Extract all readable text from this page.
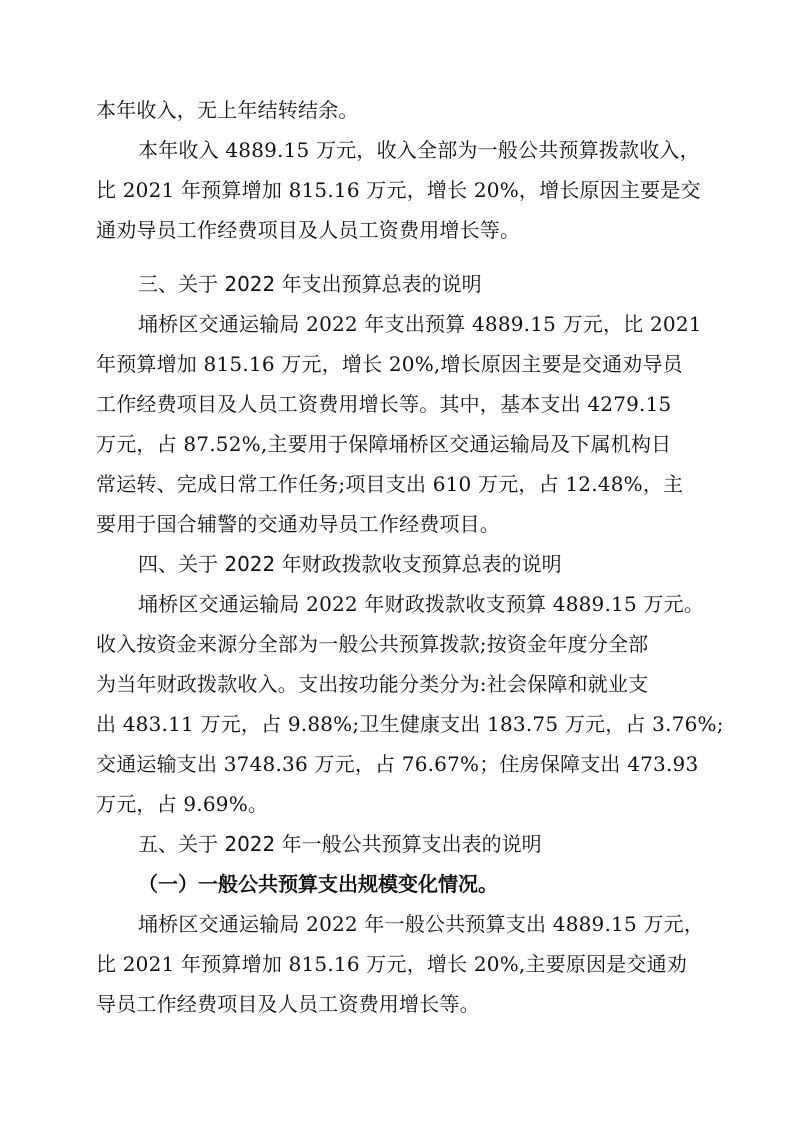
本年收入，无上年结转结余。
本年收入 4889.15 万元，收入全部为一般公共预算拨款收入，
比 2021 年预算增加 815.16 万元，增长 20%，增长原因主要是交
通劝导员工作经费项目及人员工资费用增长等。
三、关于 2022 年支出预算总表的说明
埇桥区交通运输局 2022 年支出预算 4889.15 万元，比 2021
年预算增加 815.16 万元，增长 20%,增长原因主要是交通劝导员
工作经费项目及人员工资费用增长等。其中，基本支出 4279.15
万元，占 87.52%,主要用于保障埇桥区交通运输局及下属机构日
常运转、完成日常工作任务;项目支出 610 万元，占 12.48%，主
要用于国合辅警的交通劝导员工作经费项目。
四、关于 2022 年财政拨款收支预算总表的说明
埇桥区交通运输局 2022 年财政拨款收支预算 4889.15 万元。
收入按资金来源分全部为一般公共预算拨款;按资金年度分全部
为当年财政拨款收入。支出按功能分类分为:社会保障和就业支
出 483.11 万元，占 9.88%;卫生健康支出 183.75 万元，占 3.76%;
交通运输支出 3748.36 万元，占 76.67%；住房保障支出 473.93
万元，占 9.69%。
五、关于 2022 年一般公共预算支出表的说明
（一）一般公共预算支出规模变化情况。
埇桥区交通运输局 2022 年一般公共预算支出 4889.15 万元，
比 2021 年预算增加 815.16 万元，增长 20%,主要原因是交通劝
导员工作经费项目及人员工资费用增长等。
